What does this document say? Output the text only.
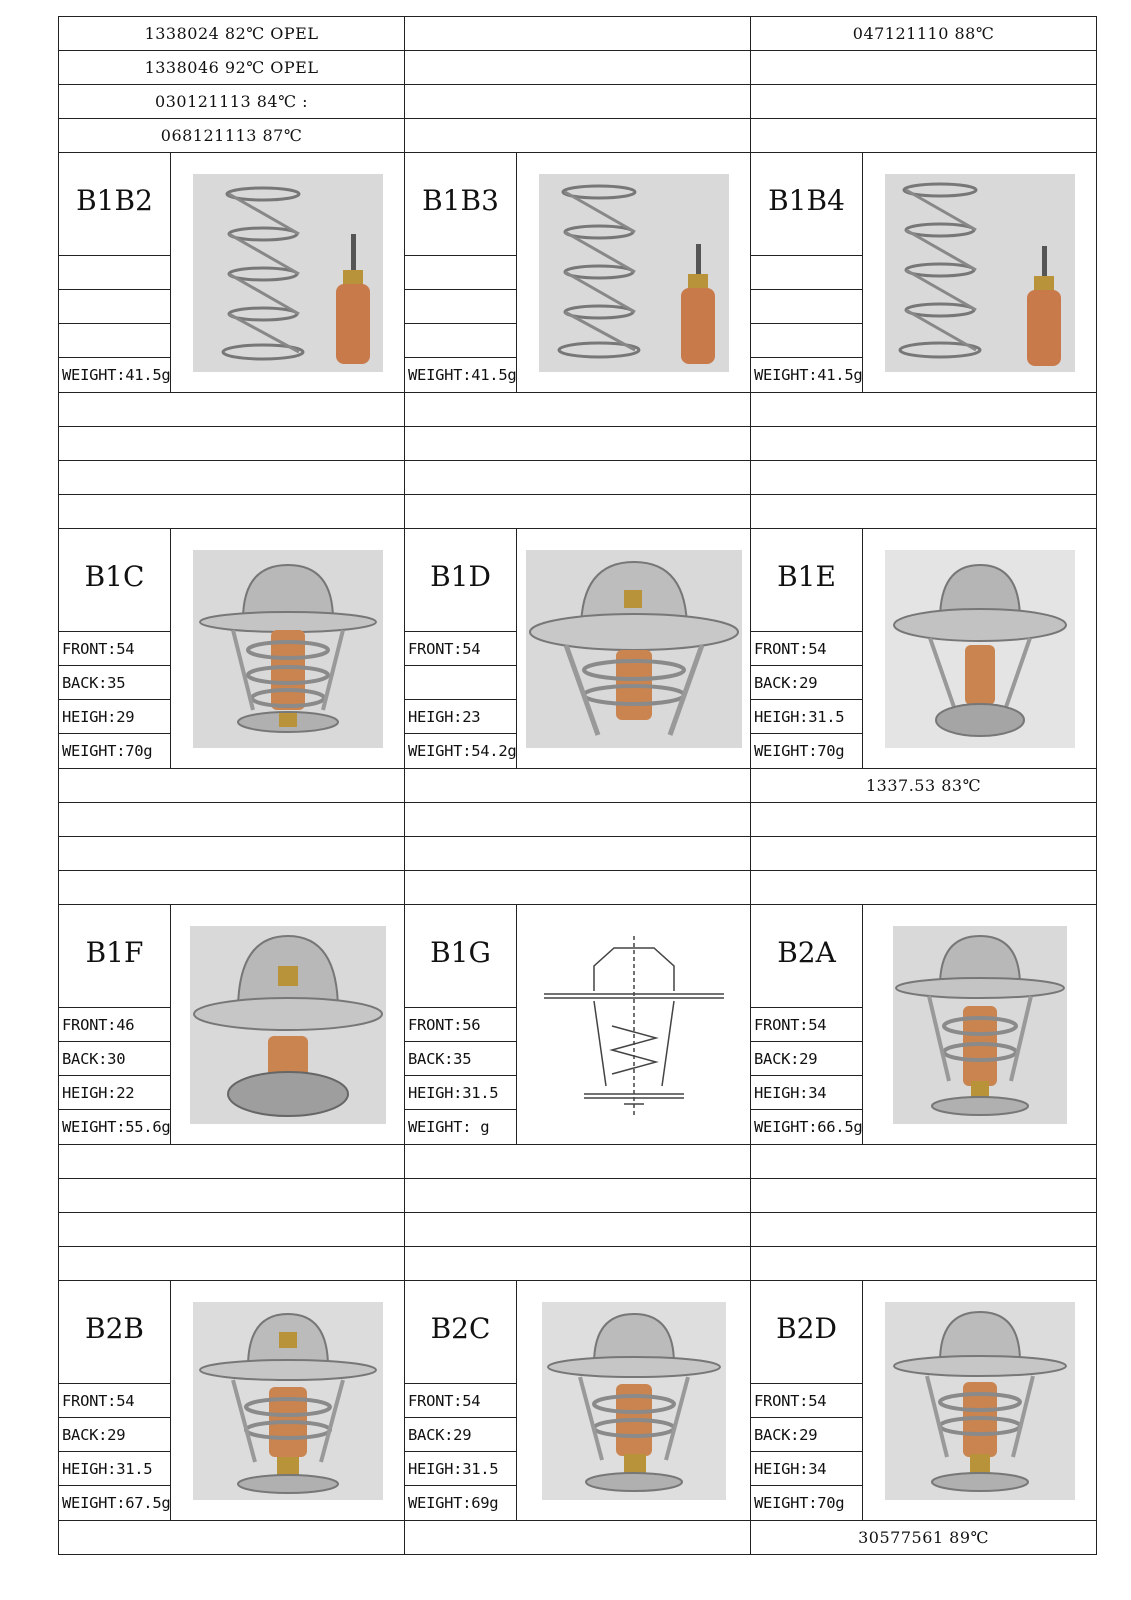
1338024 82℃ OPEL	047121110 88℃
1338046 92℃ OPEL
030121113 84℃ :
068121113 87℃
B1B2
WEIGHT:41.5g
B1B3
WEIGHT:41.5g
B1B4
WEIGHT:41.5g
B1C
FRONT:54
BACK:35
HEIGH:29
WEIGHT:70g
B1D
FRONT:54
HEIGH:23
WEIGHT:54.2g
B1E
FRONT:54
BACK:29
HEIGH:31.5
WEIGHT:70g
1337.53 83℃
B1F
FRONT:46
BACK:30
HEIGH:22
WEIGHT:55.6g
B1G
FRONT:56
BACK:35
HEIGH:31.5
WEIGHT: g
B2A
FRONT:54
BACK:29
HEIGH:34
WEIGHT:66.5g
B2B
FRONT:54
BACK:29
HEIGH:31.5
WEIGHT:67.5g
B2C
FRONT:54
BACK:29
HEIGH:31.5
WEIGHT:69g
B2D
FRONT:54
BACK:29
HEIGH:34
WEIGHT:70g
30577561 89℃
